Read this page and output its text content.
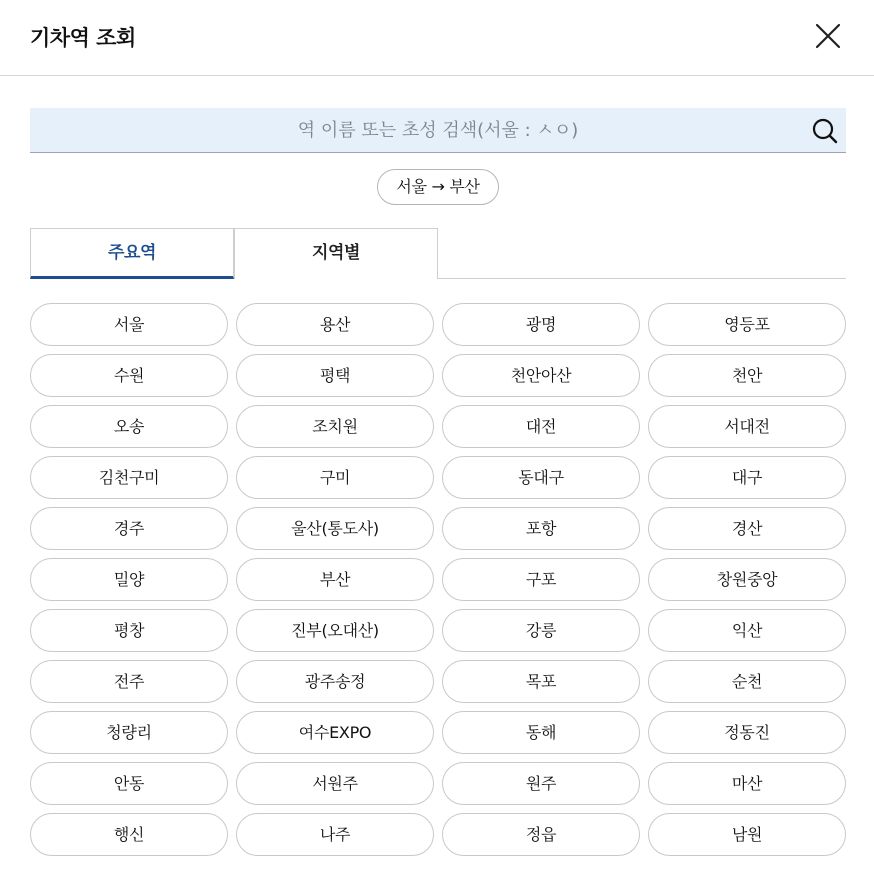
기차역 조회
역 이름 또는 초성 검색(서울 : ㅅㅇ)
서울 → 부산
주요역	지역별
서울	용산	광명	영등포
수원	평택	천안아산	천안
오송	조치원	대전	서대전
김천구미	구미	동대구	대구
경주	울산(통도사)	포항	경산
밀양	부산	구포	창원중앙
평창	진부(오대산)	강릉	익산
전주	광주송정	목포	순천
청량리	여수EXPO	동해	정동진
안동	서원주	원주	마산
행신	나주	정읍	남원
